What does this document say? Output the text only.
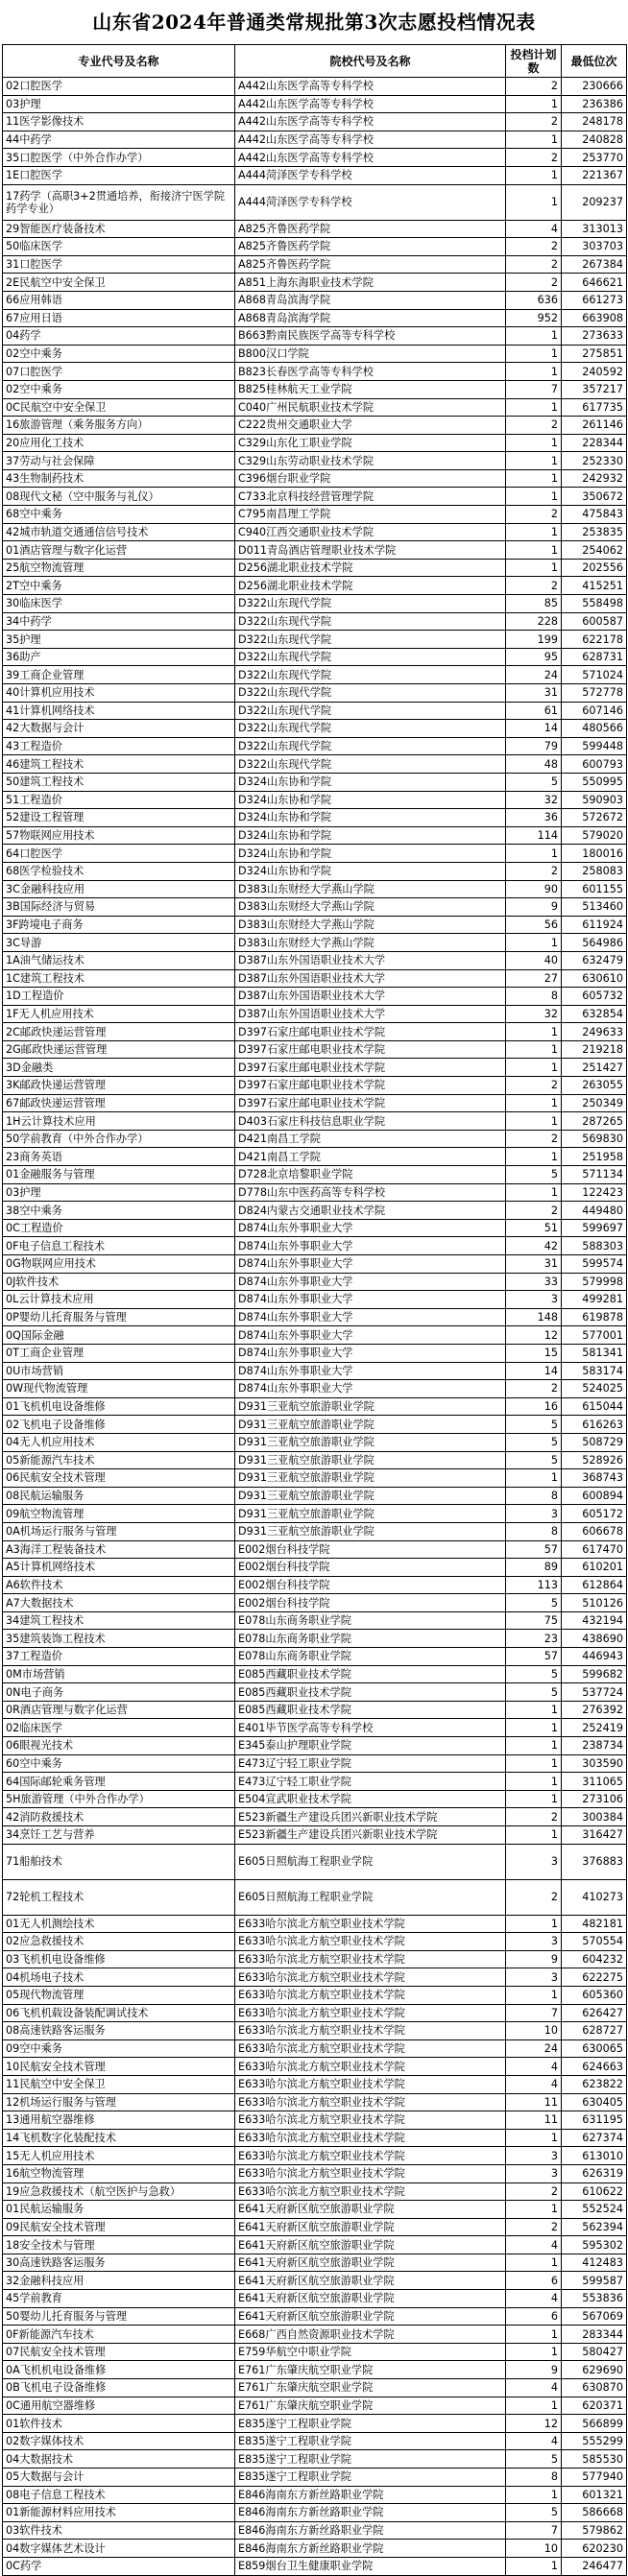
山东省2024年普通类常规批第3次志愿投档情况表
专业代号及名称	院校代号及名称	投档计划数	最低位次
02口腔医学	A442山东医学高等专科学校	2	230666
03护理	A442山东医学高等专科学校	1	236386
11医学影像技术	A442山东医学高等专科学校	2	248178
44中药学	A442山东医学高等专科学校	1	240828
35口腔医学（中外合作办学）	A442山东医学高等专科学校	2	253770
1E口腔医学	A444菏泽医学专科学校	1	221367
17药学（高职3+2贯通培养，衔接济宁医学院药学专业）	A444菏泽医学专科学校	1	209237
29智能医疗装备技术	A825齐鲁医药学院	4	313013
50临床医学	A825齐鲁医药学院	2	303703
31口腔医学	A825齐鲁医药学院	2	267384
2E民航空中安全保卫	A851上海东海职业技术学院	2	646621
66应用韩语	A868青岛滨海学院	636	661273
67应用日语	A868青岛滨海学院	952	663908
04药学	B663黔南民族医学高等专科学校	1	273633
02空中乘务	B800汉口学院	1	275851
07口腔医学	B823长春医学高等专科学校	1	240592
02空中乘务	B825桂林航天工业学院	7	357217
0C民航空中安全保卫	C040广州民航职业技术学院	1	617735
16旅游管理（乘务服务方向）	C222贵州交通职业大学	2	261146
20应用化工技术	C329山东化工职业学院	1	228344
37劳动与社会保障	C329山东劳动职业技术学院	1	252330
43生物制药技术	C396烟台职业学院	1	242932
08现代文秘（空中服务与礼仪）	C733北京科技经营管理学院	1	350672
68空中乘务	C795南昌理工学院	2	475843
42城市轨道交通通信信号技术	C940江西交通职业技术学院	1	253835
01酒店管理与数字化运营	D011青岛酒店管理职业技术学院	1	254062
25航空物流管理	D256湖北职业技术学院	1	202556
2T空中乘务	D256湖北职业技术学院	2	415251
30临床医学	D322山东现代学院	85	558498
34中药学	D322山东现代学院	228	600587
35护理	D322山东现代学院	199	622178
36助产	D322山东现代学院	95	628731
39工商企业管理	D322山东现代学院	24	571024
40计算机应用技术	D322山东现代学院	31	572778
41计算机网络技术	D322山东现代学院	61	607146
42大数据与会计	D322山东现代学院	14	480566
43工程造价	D322山东现代学院	79	599448
46建筑工程技术	D322山东现代学院	48	600793
50建筑工程技术	D324山东协和学院	5	550995
51工程造价	D324山东协和学院	32	590903
52建设工程管理	D324山东协和学院	36	572672
57物联网应用技术	D324山东协和学院	114	579020
64口腔医学	D324山东协和学院	1	180016
68医学检验技术	D324山东协和学院	2	258083
3C金融科技应用	D383山东财经大学燕山学院	90	601155
3B国际经济与贸易	D383山东财经大学燕山学院	9	513460
3F跨境电子商务	D383山东财经大学燕山学院	56	611924
3C导游	D383山东财经大学燕山学院	1	564986
1A油气储运技术	D387山东外国语职业技术大学	40	632479
1C建筑工程技术	D387山东外国语职业技术大学	27	630610
1D工程造价	D387山东外国语职业技术大学	8	605732
1F无人机应用技术	D387山东外国语职业技术大学	32	632854
2C邮政快递运营管理	D397石家庄邮电职业技术学院	1	249633
2G邮政快递运营管理	D397石家庄邮电职业技术学院	1	219218
3D金融类	D397石家庄邮电职业技术学院	1	251427
3K邮政快递运营管理	D397石家庄邮电职业技术学院	2	263055
67邮政快递运营管理	D397石家庄邮电职业技术学院	1	250349
1H云计算技术应用	D403石家庄科技信息职业学院	1	287265
50学前教育（中外合作办学）	D421南昌工学院	2	569830
23商务英语	D421南昌工学院	1	251958
01金融服务与管理	D728北京培黎职业学院	5	571134
03护理	D778山东中医药高等专科学校	1	122423
38空中乘务	D824内蒙古交通职业技术学院	2	449480
0C工程造价	D874山东外事职业大学	51	599697
0F电子信息工程技术	D874山东外事职业大学	42	588303
0G物联网应用技术	D874山东外事职业大学	31	599574
0J软件技术	D874山东外事职业大学	33	579998
0L云计算技术应用	D874山东外事职业大学	3	499281
0P婴幼儿托育服务与管理	D874山东外事职业大学	148	619878
0Q国际金融	D874山东外事职业大学	12	577001
0T工商企业管理	D874山东外事职业大学	15	581341
0U市场营销	D874山东外事职业大学	14	583174
0W现代物流管理	D874山东外事职业大学	2	524025
01飞机机电设备维修	D931三亚航空旅游职业学院	16	615044
02飞机电子设备维修	D931三亚航空旅游职业学院	5	616263
04无人机应用技术	D931三亚航空旅游职业学院	5	508729
05新能源汽车技术	D931三亚航空旅游职业学院	5	528926
06民航安全技术管理	D931三亚航空旅游职业学院	1	368743
08民航运输服务	D931三亚航空旅游职业学院	8	600894
09航空物流管理	D931三亚航空旅游职业学院	3	605172
0A机场运行服务与管理	D931三亚航空旅游职业学院	8	606678
A3海洋工程装备技术	E002烟台科技学院	57	617470
A5计算机网络技术	E002烟台科技学院	89	610201
A6软件技术	E002烟台科技学院	113	612864
A7大数据技术	E002烟台科技学院	5	510126
34建筑工程技术	E078山东商务职业学院	75	432194
35建筑装饰工程技术	E078山东商务职业学院	23	438690
37工程造价	E078山东商务职业学院	57	446943
0M市场营销	E085西藏职业技术学院	5	599682
0N电子商务	E085西藏职业技术学院	5	537724
0R酒店管理与数字化运营	E085西藏职业技术学院	1	276392
02临床医学	E401毕节医学高等专科学校	1	252419
06眼视光技术	E345泰山护理职业学院	1	238734
60空中乘务	E473辽宁轻工职业学院	1	303590
64国际邮轮乘务管理	E473辽宁轻工职业学院	1	311065
5H旅游管理（中外合作办学）	E504宣武职业技术学院	1	273106
42消防救援技术	E523新疆生产建设兵团兴新职业技术学院	2	300384
34烹饪工艺与营养	E523新疆生产建设兵团兴新职业技术学院	1	316427
71船舶技术	E605日照航海工程职业学院	3	376883
72轮机工程技术	E605日照航海工程职业学院	2	410273
01无人机测绘技术	E633哈尔滨北方航空职业技术学院	1	482181
02应急救援技术	E633哈尔滨北方航空职业技术学院	3	570554
03飞机机电设备维修	E633哈尔滨北方航空职业技术学院	9	604232
04机场电子技术	E633哈尔滨北方航空职业技术学院	3	622275
05现代物流管理	E633哈尔滨北方航空职业技术学院	1	605360
06飞机机载设备装配调试技术	E633哈尔滨北方航空职业技术学院	7	626427
08高速铁路客运服务	E633哈尔滨北方航空职业技术学院	10	628727
09空中乘务	E633哈尔滨北方航空职业技术学院	24	630065
10民航安全技术管理	E633哈尔滨北方航空职业技术学院	4	624663
11民航空中安全保卫	E633哈尔滨北方航空职业技术学院	4	623822
12机场运行服务与管理	E633哈尔滨北方航空职业技术学院	11	630405
13通用航空器维修	E633哈尔滨北方航空职业技术学院	11	631195
14飞机数字化装配技术	E633哈尔滨北方航空职业技术学院	1	627374
15无人机应用技术	E633哈尔滨北方航空职业技术学院	3	613010
16航空物流管理	E633哈尔滨北方航空职业技术学院	3	626319
19应急救援技术（航空医护与急救）	E633哈尔滨北方航空职业技术学院	2	610622
01民航运输服务	E641天府新区航空旅游职业学院	1	552524
09民航安全技术管理	E641天府新区航空旅游职业学院	2	562394
18安全技术与管理	E641天府新区航空旅游职业学院	4	595302
30高速铁路客运服务	E641天府新区航空旅游职业学院	1	412483
32金融科技应用	E641天府新区航空旅游职业学院	6	599587
45学前教育	E641天府新区航空旅游职业学院	4	553836
50婴幼儿托育服务与管理	E641天府新区航空旅游职业学院	6	567069
0F新能源汽车技术	E668广西自然资源职业技术学院	1	283344
07民航安全技术管理	E759华航空中职业学院	1	580427
0A飞机机电设备维修	E761广东肇庆航空职业学院	9	629690
0B飞机电子设备维修	E761广东肇庆航空职业学院	4	630870
0C通用航空器维修	E761广东肇庆航空职业学院	1	620371
01软件技术	E835遂宁工程职业学院	12	566899
02数字媒体技术	E835遂宁工程职业学院	4	555299
04大数据技术	E835遂宁工程职业学院	5	585530
05大数据与会计	E835遂宁工程职业学院	8	577940
08电子信息工程技术	E846海南东方新丝路职业学院	1	601321
01新能源材料应用技术	E846海南东方新丝路职业学院	5	586668
03软件技术	E846海南东方新丝路职业学院	7	579862
04数字媒体艺术设计	E846海南东方新丝路职业学院	10	620230
0C药学	E859烟台卫生健康职业学院	1	246477
